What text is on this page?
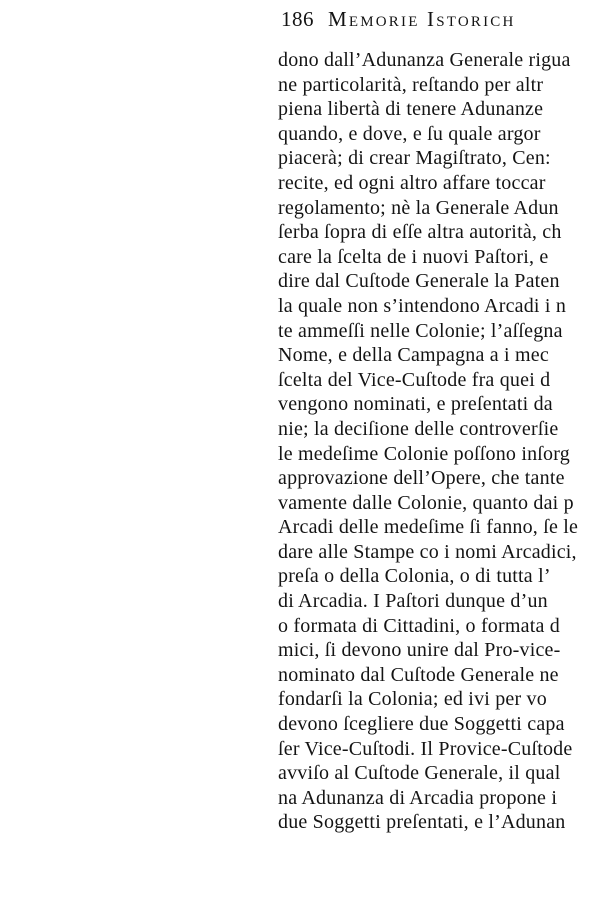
186 Memorie Istorich
dono dall’Adunanza Generale rigua
ne particolarità, reſtando per altr
piena libertà di tenere Adunanze
quando, e dove, e ſu quale argor
piacerà; di crear Magiſtrato, Cen:
recite, ed ogni altro affare toccar
regolamento; nè la Generale Adun
ſerba ſopra di eſſe altra autorità, ch
care la ſcelta de i nuovi Paſtori, e
dire dal Cuſtode Generale la Paten
la quale non s’intendono Arcadi i n
te ammeſſi nelle Colonie; l’aſſegna
Nome, e della Campagna a i mec
ſcelta del Vice-Cuſtode fra quei d
vengono nominati, e preſentati da
nie; la deciſione delle controverſie
le medeſime Colonie poſſono inſorg
approvazione dell’Opere, che tante
vamente dalle Colonie, quanto dai p
Arcadi delle medeſime ſi fanno, ſe le
dare alle Stampe co i nomi Arcadici,
preſa o della Colonia, o di tutta l’
di Arcadia. I Paſtori dunque d’un
o formata di Cittadini, o formata d
mici, ſi devono unire dal Pro-vice-
nominato dal Cuſtode Generale ne
fondarſi la Colonia; ed ivi per vo
devono ſcegliere due Soggetti capa
ſer Vice-Cuſtodi. Il Provice-Cuſtode
avviſo al Cuſtode Generale, il qual
na Adunanza di Arcadia propone i
due Soggetti preſentati, e l’Adunan
